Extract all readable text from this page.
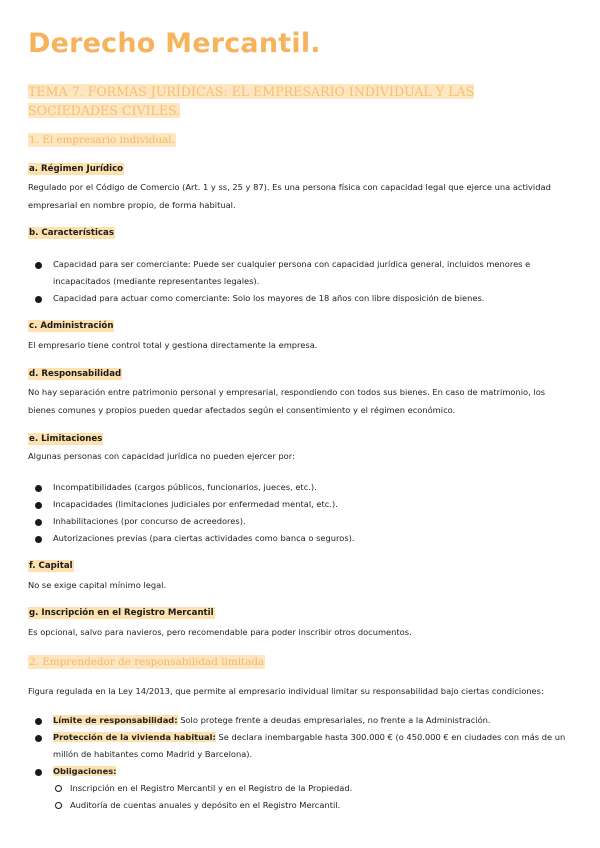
Derecho Mercantil.
TEMA 7. FORMAS JURÍDICAS: EL EMPRESARIO INDIVIDUAL Y LAS SOCIEDADES CIVILES.
1. El empresario individual.
a. Régimen Jurídico
Regulado por el Código de Comercio (Art. 1 y ss, 25 y 87). Es una persona física con capacidad legal que ejerce una actividad empresarial en nombre propio, de forma habitual.
b. Características
Capacidad para ser comerciante: Puede ser cualquier persona con capacidad jurídica general, incluidos menores e
incapacitados (mediante representantes legales).
Capacidad para actuar como comerciante: Solo los mayores de 18 años con libre disposición de bienes.
c. Administración
El empresario tiene control total y gestiona directamente la empresa.
d. Responsabilidad
No hay separación entre patrimonio personal y empresarial, respondiendo con todos sus bienes. En caso de matrimonio, los bienes comunes y propios pueden quedar afectados según el consentimiento y el régimen económico.
e. Limitaciones
Algunas personas con capacidad jurídica no pueden ejercer por:
Incompatibilidades (cargos públicos, funcionarios, jueces, etc.).
Incapacidades (limitaciones judiciales por enfermedad mental, etc.).
Inhabilitaciones (por concurso de acreedores).
Autorizaciones previas (para ciertas actividades como banca o seguros).
f. Capital
No se exige capital mínimo legal.
g. Inscripción en el Registro Mercantil
Es opcional, salvo para navieros, pero recomendable para poder inscribir otros documentos.
2. Emprendedor de responsabilidad limitada
Figura regulada en la Ley 14/2013, que permite al empresario individual limitar su responsabilidad bajo ciertas condiciones:
Límite de responsabilidad: Solo protege frente a deudas empresariales, no frente a la Administración.
Protección de la vivienda habitual: Se declara inembargable hasta 300.000 € (o 450.000 € en ciudades con más de un
millón de habitantes como Madrid y Barcelona).
Obligaciones:
Inscripción en el Registro Mercantil y en el Registro de la Propiedad.
Auditoría de cuentas anuales y depósito en el Registro Mercantil.
